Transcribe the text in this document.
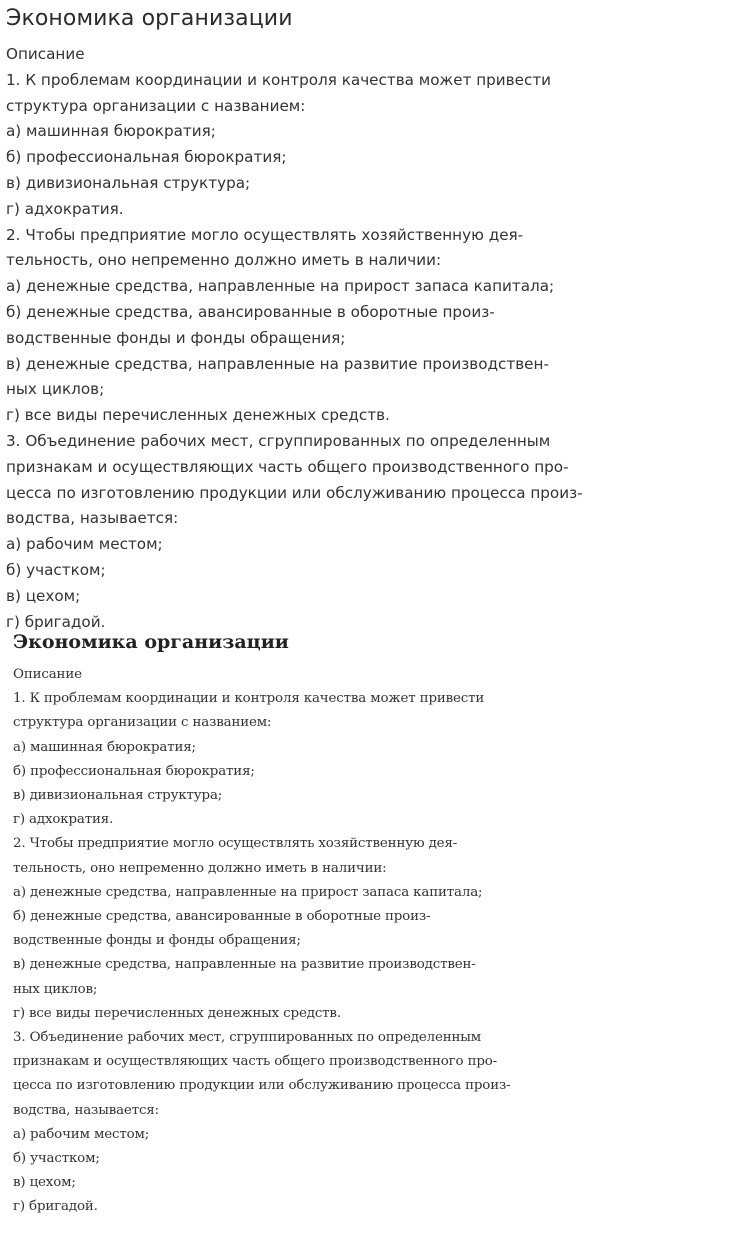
Экономика организации

Описание

1. К проблемам координации и контроля качества может привести

структура организации с названием:

а) машинная бюрократия;

б) профессиональная бюрократия;

в) дивизиональная структура;

г) адхократия.

2. Чтобы предприятие могло осуществлять хозяйственную дея-

тельность, оно непременно должно иметь в наличии:

а) денежные средства, направленные на прирост запаса капитала;

б) денежные средства, авансированные в оборотные произ-

водственные фонды и фонды обращения;

в) денежные средства, направленные на развитие производствен-

ных циклов;

г) все виды перечисленных денежных средств.

3. Объединение рабочих мест, сгруппированных по определенным

признакам и осуществляющих часть общего производственного про-

цесса по изготовлению продукции или обслуживанию процесса произ-

водства, называется:

а) рабочим местом;

б) участком;

в) цехом;

г) бригадой.

Экономика организации

Описание

1. К проблемам координации и контроля качества может привести

структура организации с названием:

а) машинная бюрократия;

б) профессиональная бюрократия;

в) дивизиональная структура;

г) адхократия.

2. Чтобы предприятие могло осуществлять хозяйственную дея-

тельность, оно непременно должно иметь в наличии:

а) денежные средства, направленные на прирост запаса капитала;

б) денежные средства, авансированные в оборотные произ-

водственные фонды и фонды обращения;

в) денежные средства, направленные на развитие производствен-

ных циклов;

г) все виды перечисленных денежных средств.

3. Объединение рабочих мест, сгруппированных по определенным

признакам и осуществляющих часть общего производственного про-

цесса по изготовлению продукции или обслуживанию процесса произ-

водства, называется:

а) рабочим местом;

б) участком;

в) цехом;

г) бригадой.
